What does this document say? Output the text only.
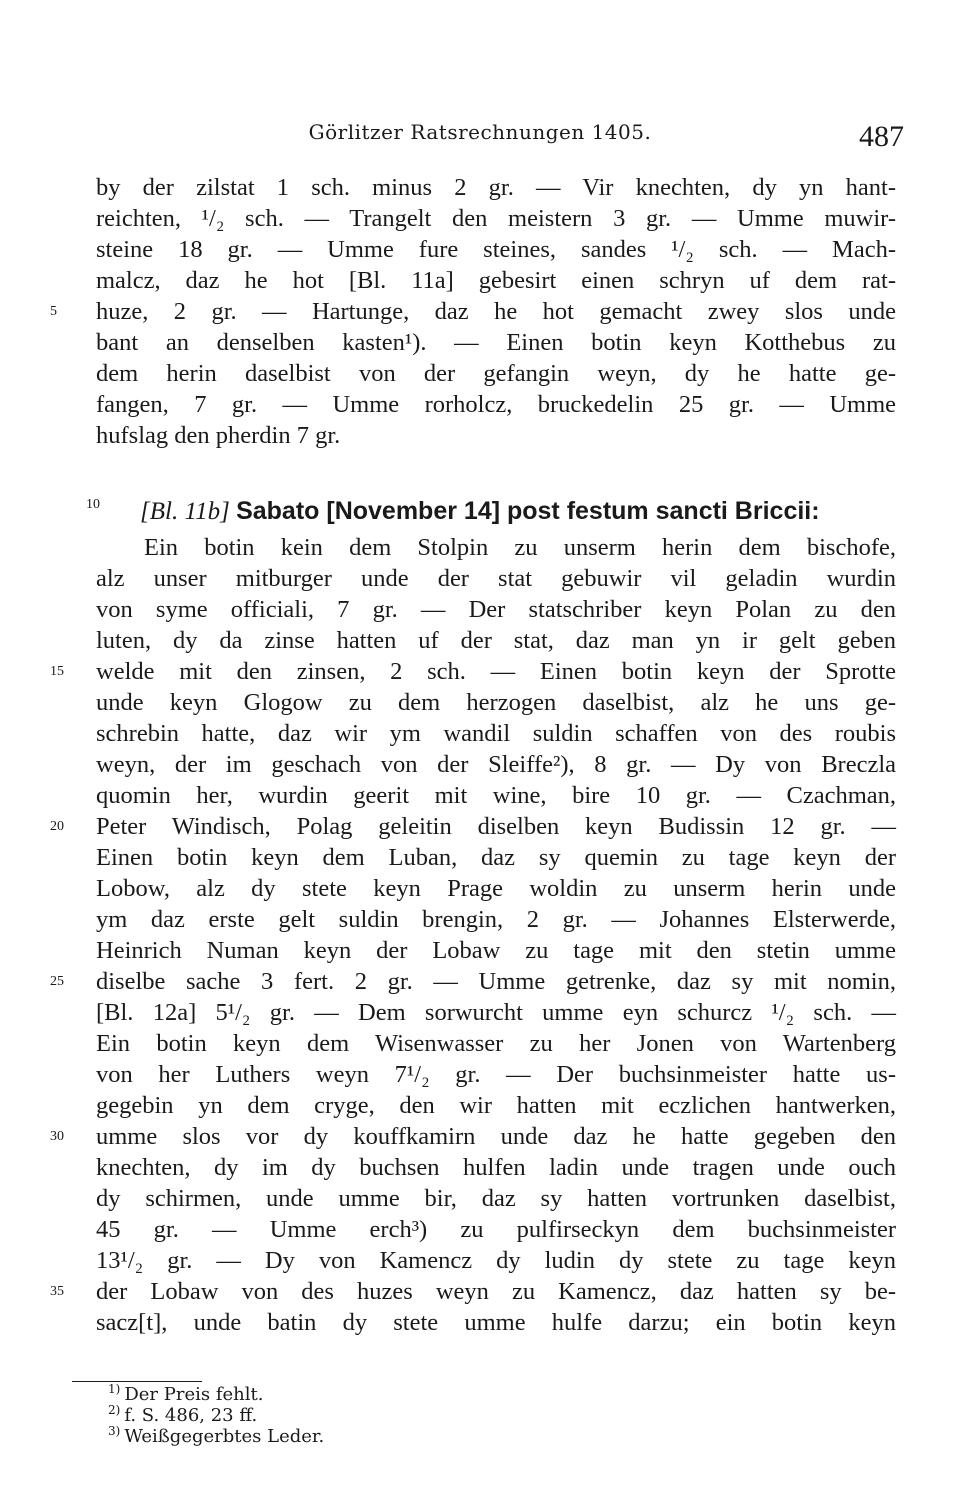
Görlitzer Ratsrechnungen 1405.	487
by der zilstat 1 sch. minus 2 gr. — Vir knechten, dy yn hant-
reichten, ¹/₂ sch. — Trangelt den meistern 3 gr. — Umme muwir-
steine 18 gr. — Umme fure steines, sandes ¹/₂ sch. — Mach-
malcz, daz he hot [Bl. 11a] gebesirt einen schryn uf dem rat-
5	huze, 2 gr. — Hartunge, daz he hot gemacht zwey slos unde
bant an denselben kasten¹). — Einen botin keyn Kotthebus zu
dem herin daselbist von der gefangin weyn, dy he hatte ge-
fangen, 7 gr. — Umme rorholcz, bruckedelin 25 gr. — Umme
hufslag den pherdin 7 gr.
10 [Bl. 11b] Sabato [November 14] post festum sancti Briccii:
Ein botin kein dem Stolpin zu unserm herin dem bischofe,
alz unser mitburger unde der stat gebuwir vil geladin wurdin
von syme officiali, 7 gr. — Der statschriber keyn Polan zu den
luten, dy da zinse hatten uf der stat, daz man yn ir gelt geben
15	welde mit den zinsen, 2 sch. — Einen botin keyn der Sprotte
unde keyn Glogow zu dem herzogen daselbist, alz he uns ge-
schrebin hatte, daz wir ym wandil suldin schaffen von des roubis
weyn, der im geschach von der Sleiffe²), 8 gr. — Dy von Breczla
quomin her, wurdin geerit mit wine, bire 10 gr. — Czachman,
20	Peter Windisch, Polag geleitin diselben keyn Budissin 12 gr. —
Einen botin keyn dem Luban, daz sy quemin zu tage keyn der
Lobow, alz dy stete keyn Prage woldin zu unserm herin unde
ym daz erste gelt suldin brengin, 2 gr. — Johannes Elsterwerde,
Heinrich Numan keyn der Lobaw zu tage mit den stetin umme
25	diselbe sache 3 fert. 2 gr. — Umme getrenke, daz sy mit nomin,
[Bl. 12a] 5¹/₂ gr. — Dem sorwurcht umme eyn schurcz ¹/₂ sch. —
Ein botin keyn dem Wisenwasser zu her Jonen von Wartenberg
von her Luthers weyn 7¹/₂ gr. — Der buchsinmeister hatte us-
gegebin yn dem cryge, den wir hatten mit eczlichen hantwerken,
30	umme slos vor dy kouffkamirn unde daz he hatte gegeben den
knechten, dy im dy buchsen hulfen ladin unde tragen unde ouch
dy schirmen, unde umme bir, daz sy hatten vortrunken daselbist,
45 gr. — Umme erch³) zu pulfirseckyn dem buchsinmeister
13¹/₂ gr. — Dy von Kamencz dy ludin dy stete zu tage keyn
35	der Lobaw von des huzes weyn zu Kamencz, daz hatten sy be-
sacz[t], unde batin dy stete umme hulfe darzu; ein botin keyn
$^{1)}$ Der Preis fehlt.
$^{2)}$ f. S. 486, 23 ff.
$^{3)}$ Weißgegerbtes Leder.
